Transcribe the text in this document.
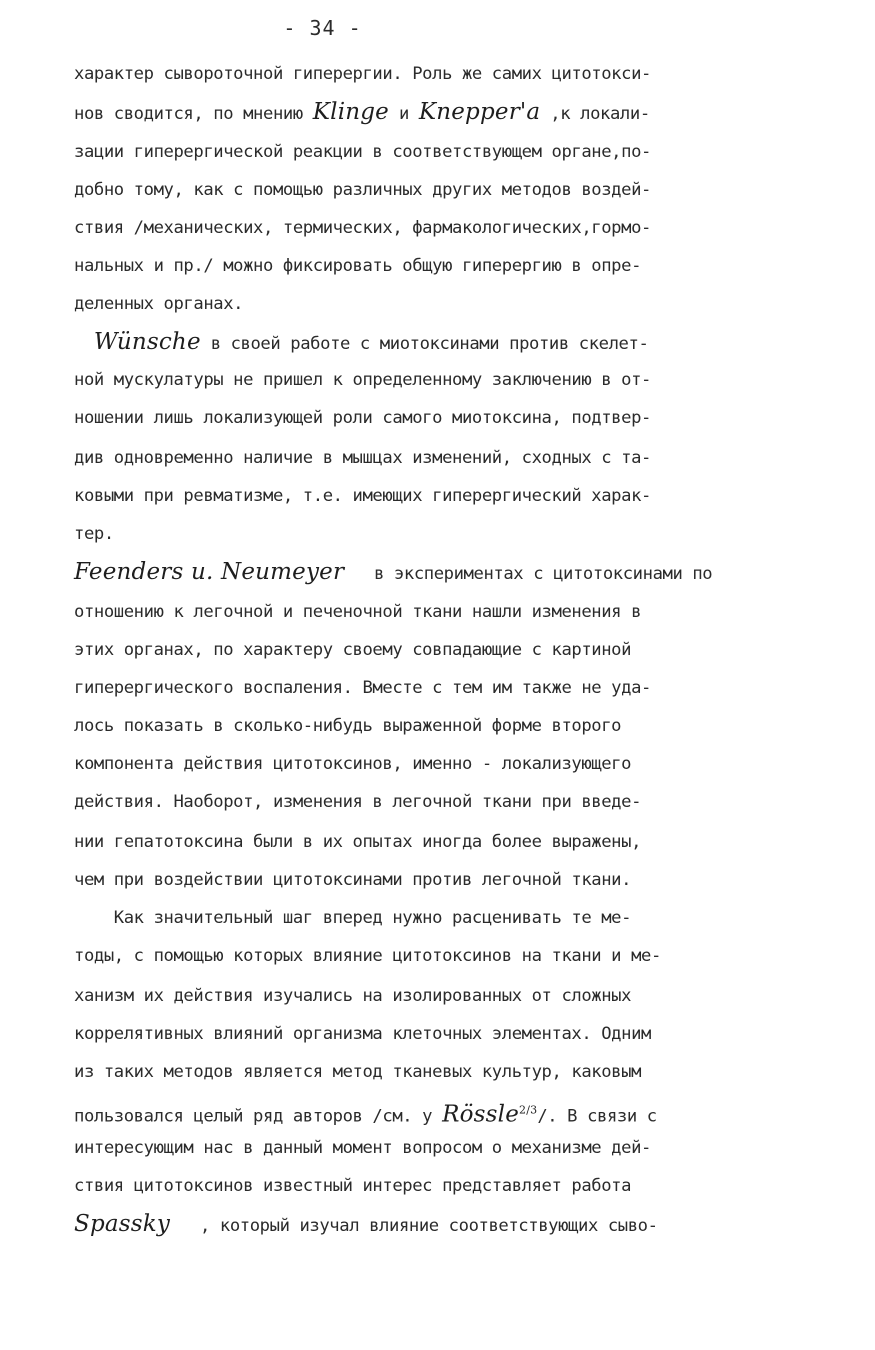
- 34 -
характер сывороточной гиперергии. Роль же самих цитотокси-
нов сводится, по мнению Klinge и Knepper'a ,к локали-
зации гиперергической реакции в соответствующем органе,по-
добно тому, как с помощью различных других методов воздей-
ствия /механических, термических, фармакологических,гормо-
нальных и пр./ можно фиксировать общую гиперергию в опре-
деленных органах.
Wünsche в своей работе с миотоксинами против скелет-
ной мускулатуры не пришел к определенному заключению в от-
ношении лишь локализующей роли самого миотоксина, подтвер-
див одновременно наличие в мышцах изменений, сходных с та-
ковыми при ревматизме, т.е. имеющих гиперергический харак-
тер.
Feenders u. Neumeyer   в экспериментах с цитотоксинами по
отношению к легочной и печеночной ткани нашли изменения в
этих органах, по характеру своему совпадающие с картиной
гиперергического воспаления. Вместе с тем им также не уда-
лось показать в сколько-нибудь выраженной форме второго
компонента действия цитотоксинов, именно - локализующего
действия. Наоборот, изменения в легочной ткани при введе-
нии гепатотоксина были в их опытах иногда более выражены,
чем при воздействии цитотоксинами против легочной ткани.
Как значительный шаг вперед нужно расценивать те ме-
тоды, с помощью которых влияние цитотоксинов на ткани и ме-
ханизм их действия изучались на изолированных от сложных
коррелятивных влияний организма клеточных элементах. Одним
из таких методов является метод тканевых культур, каковым
пользовался целый ряд авторов /см. у Rössle$^{2/3}$/. В связи с
интересующим нас в данный момент вопросом о механизме дей-
ствия цитотоксинов известный интерес представляет работа
Spassky   , который изучал влияние соответствующих сыво-
